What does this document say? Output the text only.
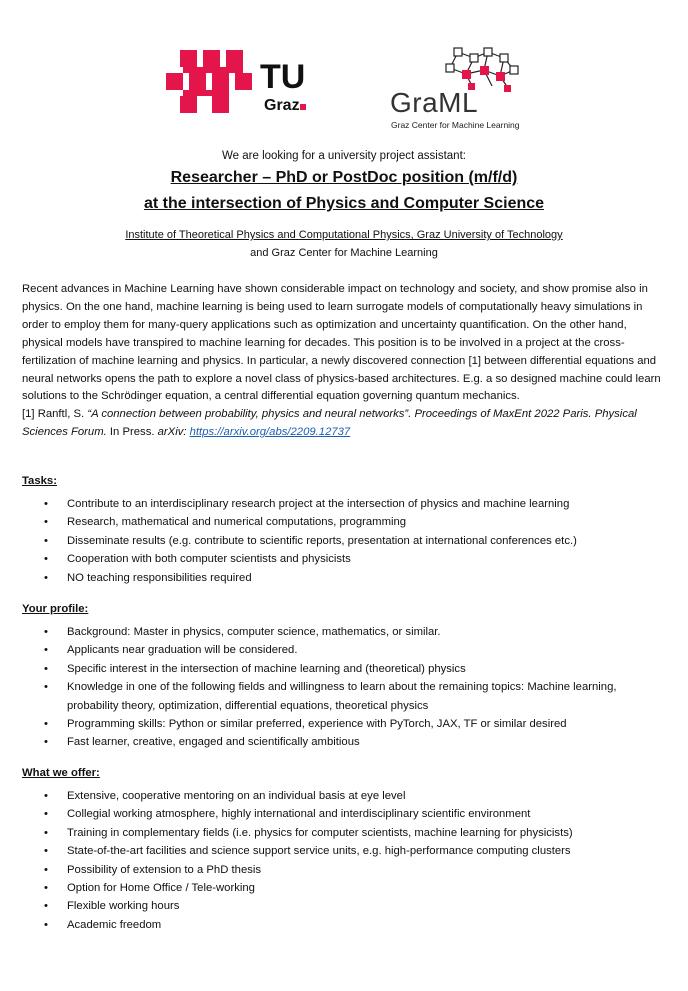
TU
Graz	GraML
Graz Center for Machine Learning
We are looking for a university project assistant:
Researcher – PhD or PostDoc position (m/f/d)
at the intersection of Physics and Computer Science
Institute of Theoretical Physics and Computational Physics, Graz University of Technology
and Graz Center for Machine Learning

Recent advances in Machine Learning have shown considerable impact on technology and society, and show promise also in physics. On the one hand, machine learning is being used to learn surrogate models of computationally heavy simulations in order to employ them for many-query applications such as optimization and uncertainty quantification. On the other hand, physical models have transpired to machine learning for decades. This position is to be involved in a project at the cross-fertilization of machine learning and physics. In particular, a newly discovered connection [1] between differential equations and neural networks opens the path to explore a novel class of physics-based architectures. E.g. a so designed machine could learn solutions to the Schrödinger equation, a central differential equation governing quantum mechanics.

[1] Ranftl, S. “A connection between probability, physics and neural networks”. Proceedings of MaxEnt 2022 Paris. Physical Sciences Forum. In Press. arXiv: https://arxiv.org/abs/2209.12737

Tasks:
• Contribute to an interdisciplinary research project at the intersection of physics and machine learning
• Research, mathematical and numerical computations, programming
• Disseminate results (e.g. contribute to scientific reports, presentation at international conferences etc.)
• Cooperation with both computer scientists and physicists
• NO teaching responsibilities required
Your profile:
• Background: Master in physics, computer science, mathematics, or similar.
• Applicants near graduation will be considered.
• Specific interest in the intersection of machine learning and (theoretical) physics
• Knowledge in one of the following fields and willingness to learn about the remaining topics: Machine learning, probability theory, optimization, differential equations, theoretical physics
• Programming skills: Python or similar preferred, experience with PyTorch, JAX, TF or similar desired
• Fast learner, creative, engaged and scientifically ambitious
What we offer:
• Extensive, cooperative mentoring on an individual basis at eye level
• Collegial working atmosphere, highly international and interdisciplinary scientific environment
• Training in complementary fields (i.e. physics for computer scientists, machine learning for physicists)
• State-of-the-art facilities and science support service units, e.g. high-performance computing clusters
• Possibility of extension to a PhD thesis
• Option for Home Office / Tele-working
• Flexible working hours
• Academic freedom
